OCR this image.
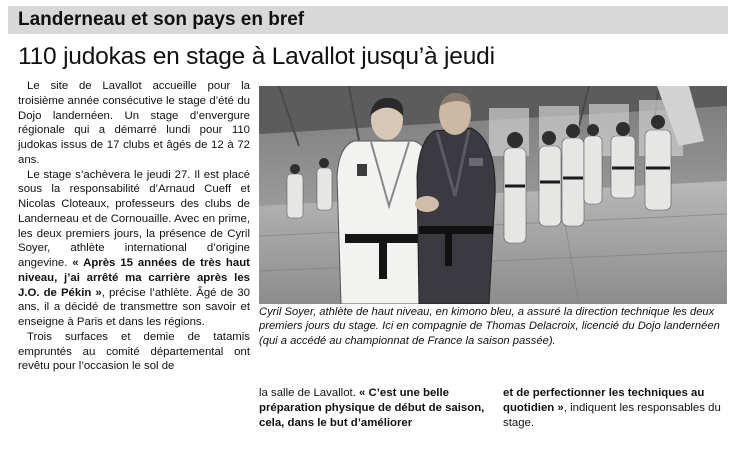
Landerneau et son pays en bref
110 judokas en stage à Lavallot jusqu’à jeudi

Le site de Lavallot accueille pour la troisième année consécutive le stage d’été du Dojo landernéen. Un stage d’envergure régionale qui a démarré lundi pour 110 judokas issus de 17 clubs et âgés de 12 à 72 ans.

Le stage s’achèvera le jeudi 27. Il est placé sous la responsabilité d’Arnaud Cueff et Nicolas Cloteaux, professeurs des clubs de Landerneau et de Cornouaille. Avec en prime, les deux premiers jours, la présence de Cyril Soyer, athlète international d’origine angevine. « Après 15 années de très haut niveau, j’ai arrêté ma carrière après les J.O. de Pékin », précise l’athlète. Âgé de 30 ans, il a décidé de transmettre son savoir et enseigne à Paris et dans les régions.

Trois surfaces et demie de tatamis empruntés au comité départemental ont revêtu pour l’occasion le sol de

Cyril Soyer, athlète de haut niveau, en kimono bleu, a assuré la direction technique les deux premiers jours du stage. Ici en compagnie de Thomas Delacroix, licencié du Dojo landernéen (qui a accédé au championnat de France la saison passée).

la salle de Lavallot. « C’est une belle préparation physique de début de saison, cela, dans le but d’améliorer

et de perfectionner les techniques au quotidien », indiquent les responsables du stage.
